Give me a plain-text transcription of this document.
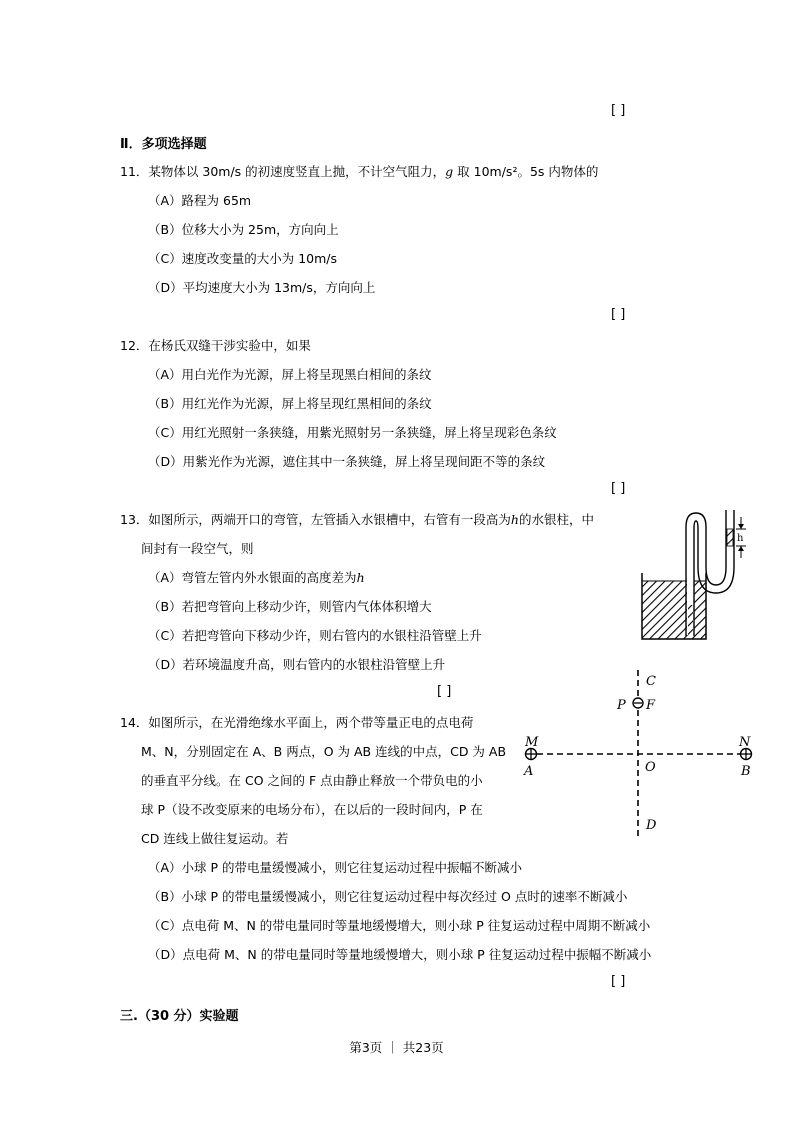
[ ]
Ⅱ．多项选择题
11．某物体以 30m/s 的初速度竖直上抛，不计空气阻力，g 取 10m/s²。5s 内物体的
（A）路程为 65m
（B）位移大小为 25m，方向向上
（C）速度改变量的大小为 10m/s
（D）平均速度大小为 13m/s，方向向上
[ ]
12．在杨氏双缝干涉实验中，如果
（A）用白光作为光源，屏上将呈现黑白相间的条纹
（B）用红光作为光源，屏上将呈现红黑相间的条纹
（C）用红光照射一条狭缝，用紫光照射另一条狭缝，屏上将呈现彩色条纹
（D）用紫光作为光源，遮住其中一条狭缝，屏上将呈现间距不等的条纹
[ ]
13．如图所示，两端开口的弯管，左管插入水银槽中，右管有一段高为h的水银柱，中
间封有一段空气，则
（A）弯管左管内外水银面的高度差为h
（B）若把弯管向上移动少许，则管内气体体积增大
（C）若把弯管向下移动少许，则右管内的水银柱沿管壁上升
（D）若环境温度升高，则右管内的水银柱沿管壁上升
[ ]
h
14．如图所示，在光滑绝缘水平面上，两个带等量正电的点电荷
M、N，分别固定在 A、B 两点，O 为 AB 连线的中点，CD 为 AB
的垂直平分线。在 CO 之间的 F 点由静止释放一个带负电的小
球 P（设不改变原来的电场分布），在以后的一段时间内，P 在
CD 连线上做往复运动。若
（A）小球 P 的带电量缓慢减小，则它往复运动过程中振幅不断减小
（B）小球 P 的带电量缓慢减小，则它往复运动过程中每次经过 O 点时的速率不断减小
（C）点电荷 M、N 的带电量同时等量地缓慢增大，则小球 P 往复运动过程中周期不断减小
（D）点电荷 M、N 的带电量同时等量地缓慢增大，则小球 P 往复运动过程中振幅不断减小
[ ]
C
P F
M	N
A	O	B
D
三.（30 分）实验题
第3页 ｜ 共23页
